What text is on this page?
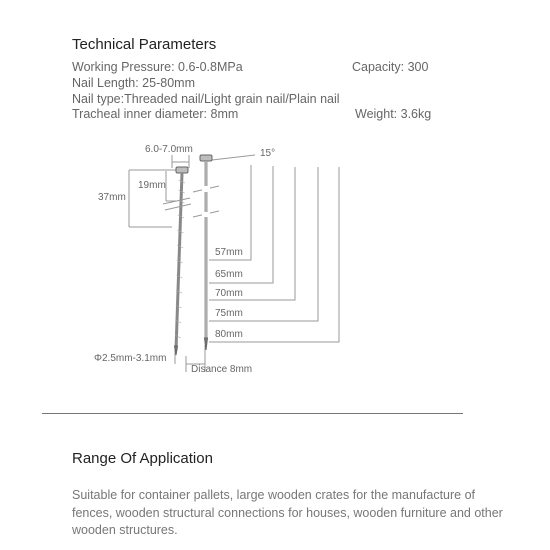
Technical Parameters
Working Pressure: 0.6-0.8MPa	Capacity: 300
Nail Length: 25-80mm
Nail type:Threaded nail/Light grain nail/Plain nail
Tracheal inner diameter: 8mm	Weight: 3.6kg
6.0-7.0mm	15°
37mm
19mm
57mm
65mm
70mm
75mm
80mm
Φ2.5mm-3.1mm
Disance 8mm
Range Of Application
Suitable for container pallets, large wooden crates for the manufacture of fences, wooden structural connections for houses, wooden furniture and other wooden structures.
